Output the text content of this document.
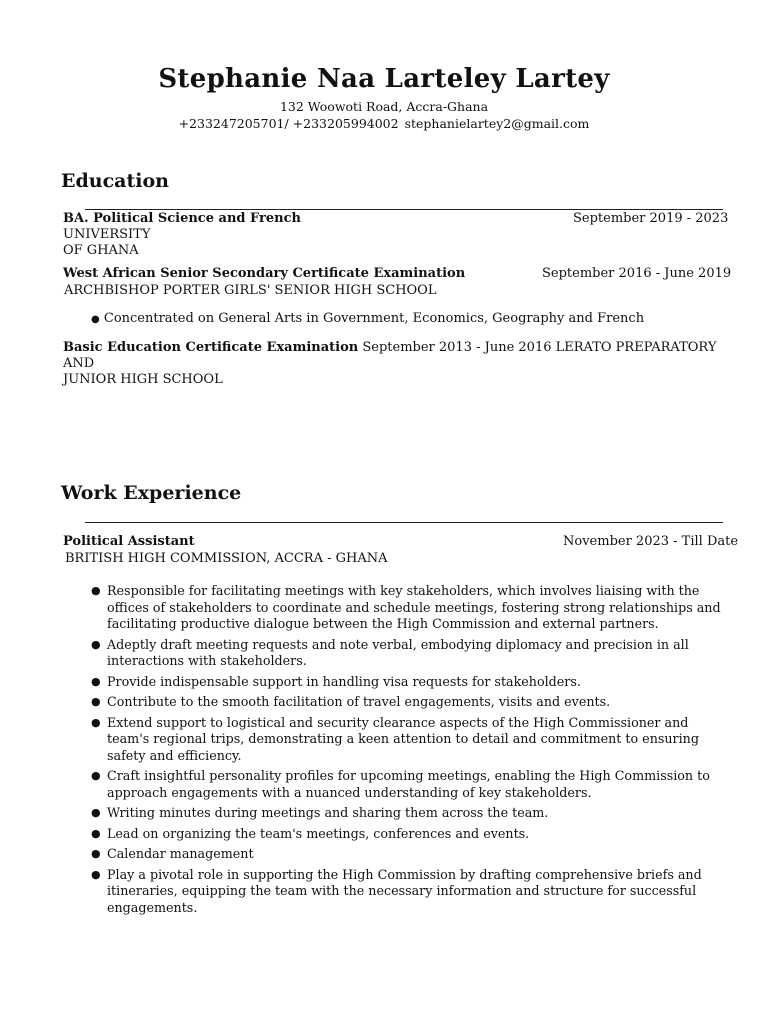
Stephanie Naa Larteley Lartey
132 Woowoti Road, Accra-Ghana
+233247205701/ +233205994002 stephanielartey2@gmail.com
Education
BA. Political Science and FrenchUNIVERSITY
OF GHANA
September 2019 - 2023
West African Senior Secondary Certificate Examination	September 2016 - June 2019
ARCHBISHOP PORTER GIRLS' SENIOR HIGH SCHOOL
● Concentrated on General Arts in Government, Economics, Geography and French
Basic Education Certificate Examination September 2013 - June 2016 LERATO PREPARATORY AND
JUNIOR HIGH SCHOOL
Work Experience
Political Assistant	November 2023 - Till Date
BRITISH HIGH COMMISSION, ACCRA - GHANA
● Responsible for facilitating meetings with key stakeholders, which involves liaising with the offices of stakeholders to coordinate and schedule meetings, fostering strong relationships and facilitating productive dialogue between the High Commission and external partners.
● Adeptly draft meeting requests and note verbal, embodying diplomacy and precision in all interactions with stakeholders.
● Provide indispensable support in handling visa requests for stakeholders.
● Contribute to the smooth facilitation of travel engagements, visits and events.
● Extend support to logistical and security clearance aspects of the High Commissioner and team's regional trips, demonstrating a keen attention to detail and commitment to ensuring safety and efficiency.
● Craft insightful personality profiles for upcoming meetings, enabling the High Commission to approach engagements with a nuanced understanding of key stakeholders.
● Writing minutes during meetings and sharing them across the team.
● Lead on organizing the team's meetings, conferences and events.
● Calendar management
● Play a pivotal role in supporting the High Commission by drafting comprehensive briefs and itineraries, equipping the team with the necessary information and structure for successful engagements.
